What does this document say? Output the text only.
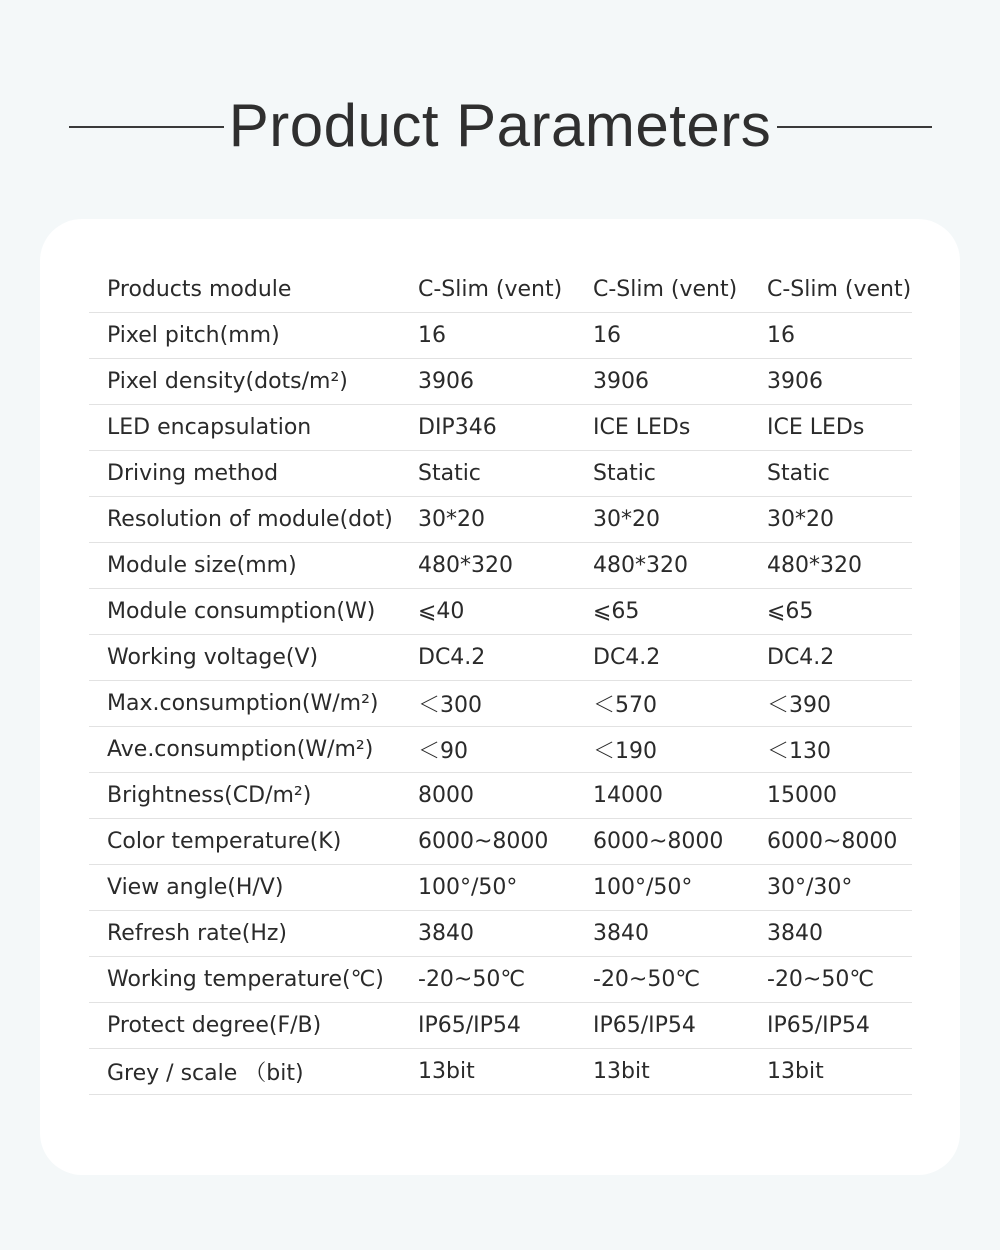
Product Parameters
Products module	C-Slim (vent)	C-Slim (vent)	C-Slim (vent)
Pixel pitch(mm)	16	16	16
Pixel density(dots/m²)	3906	3906	3906
LED encapsulation	DIP346	ICE LEDs	ICE LEDs
Driving method	Static	Static	Static
Resolution of module(dot)	30*20	30*20	30*20
Module size(mm)	480*320	480*320	480*320
Module consumption(W)	⩽40	⩽65	⩽65
Working voltage(V)	DC4.2	DC4.2	DC4.2
Max.consumption(W/m²)	＜300	＜570	＜390
Ave.consumption(W/m²)	＜90	＜190	＜130
Brightness(CD/m²)	8000	14000	15000
Color temperature(K)	6000~8000	6000~8000	6000~8000
View angle(H/V)	100°/50°	100°/50°	30°/30°
Refresh rate(Hz)	3840	3840	3840
Working temperature(℃)	-20~50℃	-20~50℃	-20~50℃
Protect degree(F/B)	IP65/IP54	IP65/IP54	IP65/IP54
Grey / scale （bit)	13bit	13bit	13bit
